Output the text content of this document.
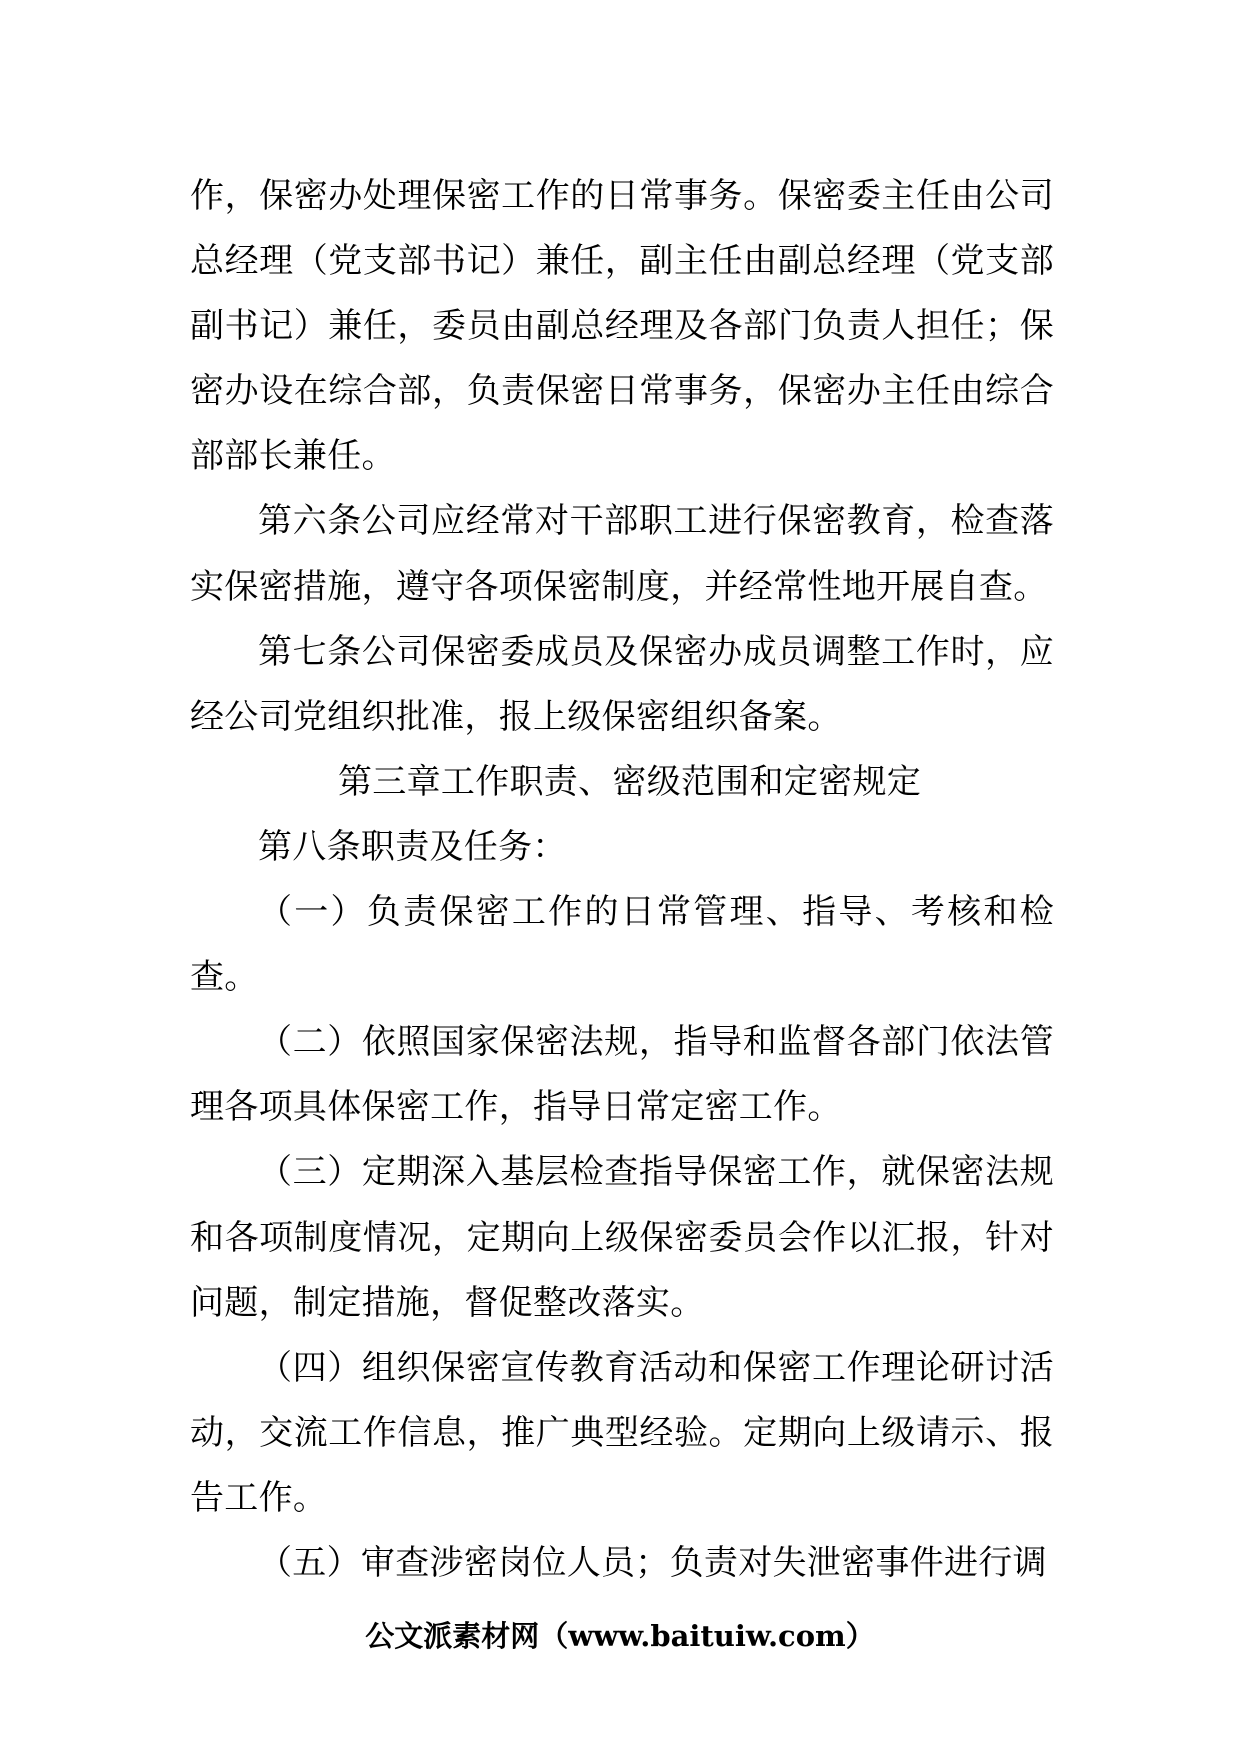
作，保密办处理保密工作的日常事务。保密委主任由公司总经理（党支部书记）兼任，副主任由副总经理（党支部副书记）兼任，委员由副总经理及各部门负责人担任；保密办设在综合部，负责保密日常事务，保密办主任由综合部部长兼任。

第六条公司应经常对干部职工进行保密教育，检查落实保密措施，遵守各项保密制度，并经常性地开展自查。

第七条公司保密委成员及保密办成员调整工作时，应经公司党组织批准，报上级保密组织备案。

第三章工作职责、密级范围和定密规定

第八条职责及任务：

（一）负责保密工作的日常管理、指导、考核和检查。

（二）依照国家保密法规，指导和监督各部门依法管理各项具体保密工作，指导日常定密工作。

（三）定期深入基层检查指导保密工作，就保密法规和各项制度情况，定期向上级保密委员会作以汇报，针对问题，制定措施，督促整改落实。

（四）组织保密宣传教育活动和保密工作理论研讨活动，交流工作信息，推广典型经验。定期向上级请示、报告工作。

（五）审查涉密岗位人员；负责对失泄密事件进行调

公文派素材网（www.baituiw.com）
